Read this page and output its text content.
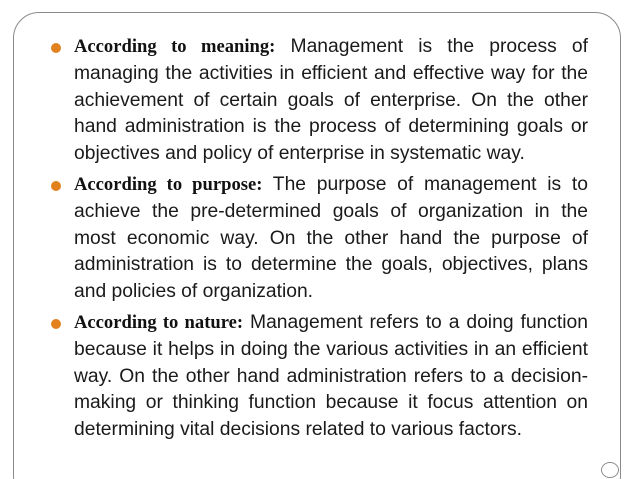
According to meaning: Management is the process of managing the activities in efficient and effective way for the achievement of certain goals of enterprise. On the other hand administration is the process of determining goals or objectives and policy of enterprise in systematic way.

According to purpose: The purpose of management is to achieve the pre-determined goals of organization in the most economic way. On the other hand the purpose of administration is to determine the goals, objectives, plans and policies of organization.

According to nature: Management refers to a doing function because it helps in doing the various activities in an efficient way. On the other hand administration refers to a decision-making or thinking function because it focus attention on determining vital decisions related to various factors.
